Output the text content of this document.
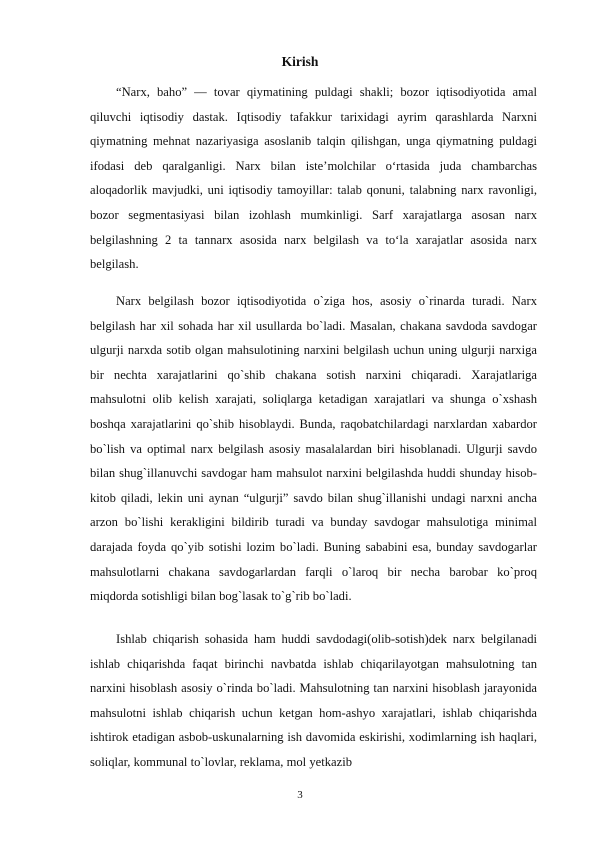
Kirish

“Narx, baho” — tovar qiymatining puldagi shakli; bozor iqtisodiyotida amal qiluvchi iqtisodiy dastak. Iqtisodiy tafakkur tarixidagi ayrim qarashlarda Narxni qiymatning mehnat nazariyasiga asoslanib talqin qilishgan, unga qiymatning puldagi ifodasi deb qaralganligi. Narx bilan iste’molchilar o‘rtasida juda chambarchas aloqadorlik mavjudki, uni iqtisodiy tamoyillar: talab qonuni, talabning narx ravonligi, bozor segmentasiyasi bilan izohlash mumkinligi. Sarf xarajatlarga asosan narx belgilashning 2 ta tannarx asosida narx belgilash va to‘la xarajatlar asosida narx belgilash.

Narx belgilash bozor iqtisodiyotida o`ziga hos, asosiy o`rinarda turadi. Narx belgilash har xil sohada har xil usullarda bo`ladi. Masalan, chakana savdoda savdogar ulgurji narxda sotib olgan mahsulotining narxini belgilash uchun uning ulgurji narxiga bir nechta xarajatlarini qo`shib chakana sotish narxini chiqaradi. Xarajatlariga mahsulotni olib kelish xarajati, soliqlarga ketadigan xarajatlari va shunga o`xshash boshqa xarajatlarini qo`shib hisoblaydi. Bunda, raqobatchilardagi narxlardan xabardor bo`lish va optimal narx belgilash asosiy masalalardan biri hisoblanadi. Ulgurji savdo bilan shug`illanuvchi savdogar ham mahsulot narxini belgilashda huddi shunday hisob-kitob qiladi, lekin uni aynan “ulgurji” savdo bilan shug`illanishi undagi narxni ancha arzon bo`lishi kerakligini bildirib turadi va bunday savdogar mahsulotiga minimal darajada foyda qo`yib sotishi lozim bo`ladi. Buning sababini esa, bunday savdogarlar mahsulotlarni chakana savdogarlardan farqli o`laroq bir necha barobar ko`proq miqdorda sotishligi bilan bog`lasak to`g`rib bo`ladi.

Ishlab chiqarish sohasida ham huddi savdodagi(olib-sotish)dek narx belgilanadi ishlab chiqarishda faqat birinchi navbatda ishlab chiqarilayotgan mahsulotning tan narxini hisoblash asosiy o`rinda bo`ladi. Mahsulotning tan narxini hisoblash jarayonida mahsulotni ishlab chiqarish uchun ketgan hom-ashyo xarajatlari, ishlab chiqarishda ishtirok etadigan asbob-uskunalarning ish davomida eskirishi, xodimlarning ish haqlari, soliqlar, kommunal to`lovlar, reklama, mol yetkazib

3
